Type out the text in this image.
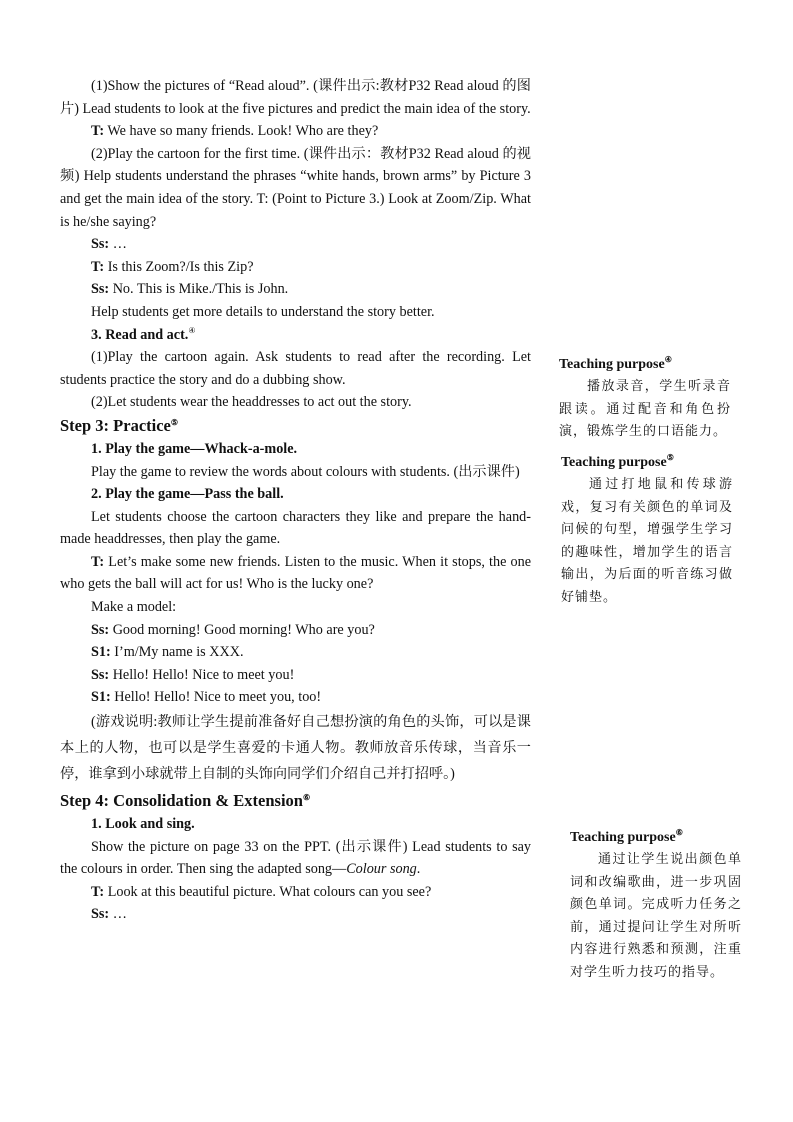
(1)Show the pictures of “Read aloud”. (课件出示:教材P32 Read aloud 的图片) Lead students to look at the five pictures and predict the main idea of the story.

T: We have so many friends. Look! Who are they?

(2)Play the cartoon for the first time. (课件出示：教材P32 Read aloud 的视频) Help students understand the phrases “white hands, brown arms” by Picture 3 and get the main idea of the story. T: (Point to Picture 3.) Look at Zoom/Zip. What is he/she saying?

Ss: …

T: Is this Zoom?/Is this Zip?

Ss: No. This is Mike./This is John.

Help students get more details to understand the story better.

3. Read and act.④

(1)Play the cartoon again. Ask students to read after the recording. Let students practice the story and do a dubbing show.

(2)Let students wear the headdresses to act out the story.

Step 3: Practice⑤

1. Play the game—Whack-a-mole.

Play the game to review the words about colours with students. (出示课件)

2. Play the game—Pass the ball.

Let students choose the cartoon characters they like and prepare the hand-made headdresses, then play the game.

T: Let’s make some new friends. Listen to the music. When it stops, the one who gets the ball will act for us! Who is the lucky one?

Make a model:

Ss: Good morning! Good morning! Who are you?

S1: I’m/My name is XXX.

Ss: Hello! Hello! Nice to meet you!

S1: Hello! Hello! Nice to meet you, too!

(游戏说明:教师让学生提前准备好自己想扮演的角色的头饰，可以是课本上的人物，也可以是学生喜爱的卡通人物。教师放音乐传球，当音乐一停，谁拿到小球就带上自制的头饰向同学们介绍自己并打招呼。)

Step 4: Consolidation & Extension⑥

1. Look and sing.

Show the picture on page 33 on the PPT. (出示课件) Lead students to say the colours in order. Then sing the adapted song—Colour song.

T: Look at this beautiful picture. What colours can you see?

Ss: …

Teaching purpose④

播放录音，学生听录音跟读。通过配音和角色扮演，锻炼学生的口语能力。

Teaching purpose⑤

通过打地鼠和传球游戏，复习有关颜色的单词及问候的句型，增强学生学习的趣味性，增加学生的语言输出，为后面的听音练习做好铺垫。

Teaching purpose⑥

通过让学生说出颜色单词和改编歌曲，进一步巩固颜色单词。完成听力任务之前，通过提问让学生对所听内容进行熟悉和预测，注重对学生听力技巧的指导。
